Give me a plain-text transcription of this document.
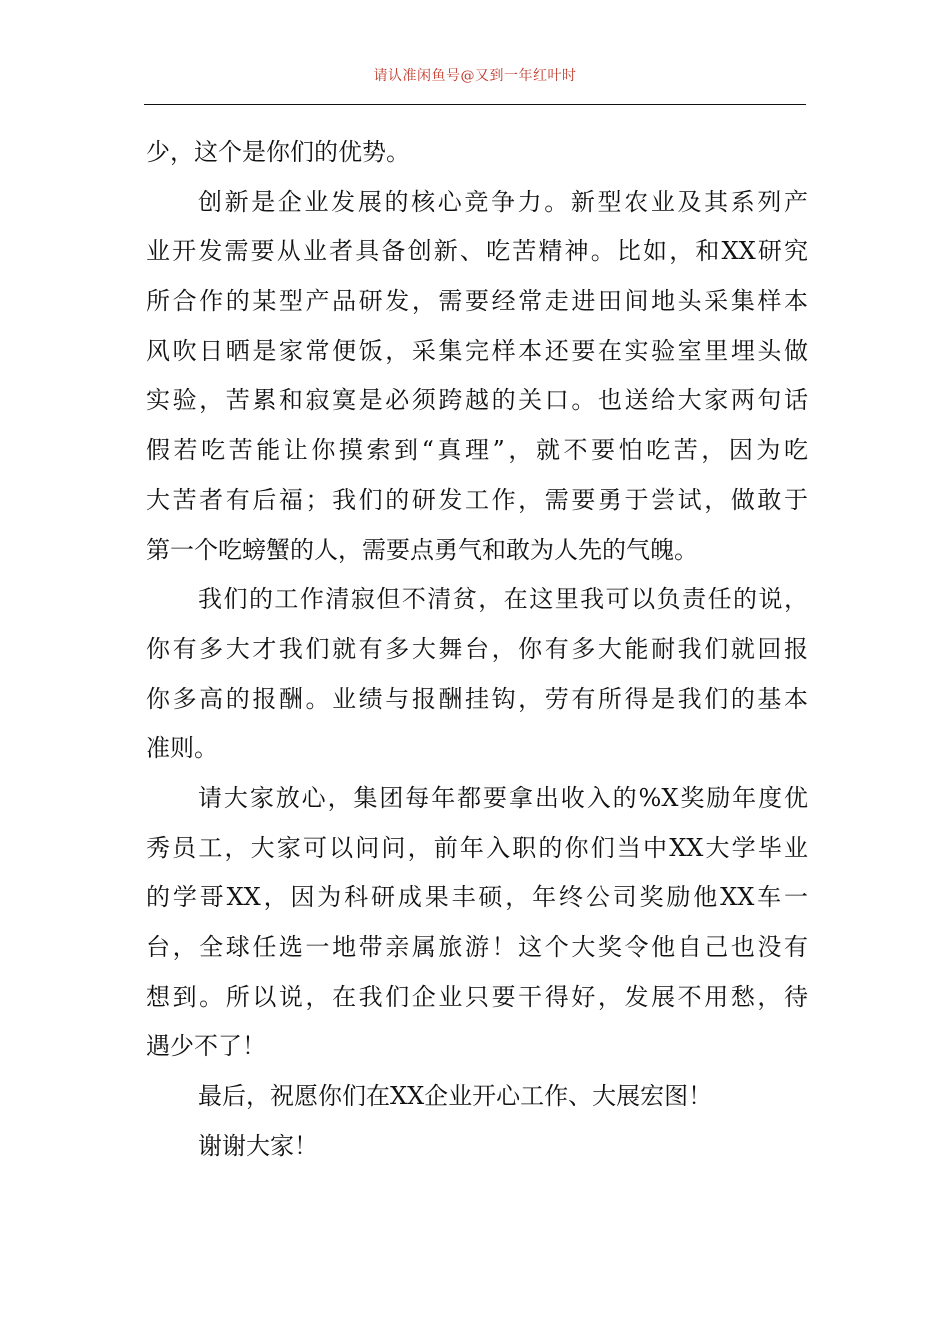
请认准闲鱼号@又到一年红叶时
少，这个是你们的优势。
创新是企业发展的核心竞争力。新型农业及其系列产
业开发需要从业者具备创新、吃苦精神。比如，和XX研究
所合作的某型产品研发，需要经常走进田间地头采集样本
风吹日晒是家常便饭，采集完样本还要在实验室里埋头做
实验，苦累和寂寞是必须跨越的关口。也送给大家两句话
假若吃苦能让你摸索到“真理”，就不要怕吃苦，因为吃
大苦者有后福；我们的研发工作，需要勇于尝试，做敢于
第一个吃螃蟹的人，需要点勇气和敢为人先的气魄。
我们的工作清寂但不清贫，在这里我可以负责任的说，
你有多大才我们就有多大舞台，你有多大能耐我们就回报
你多高的报酬。业绩与报酬挂钩，劳有所得是我们的基本
准则。
请大家放心，集团每年都要拿出收入的%X奖励年度优
秀员工，大家可以问问，前年入职的你们当中XX大学毕业
的学哥XX，因为科研成果丰硕，年终公司奖励他XX车一
台，全球任选一地带亲属旅游！这个大奖令他自己也没有
想到。所以说，在我们企业只要干得好，发展不用愁，待
遇少不了！
最后，祝愿你们在XX企业开心工作、大展宏图！
谢谢大家！
